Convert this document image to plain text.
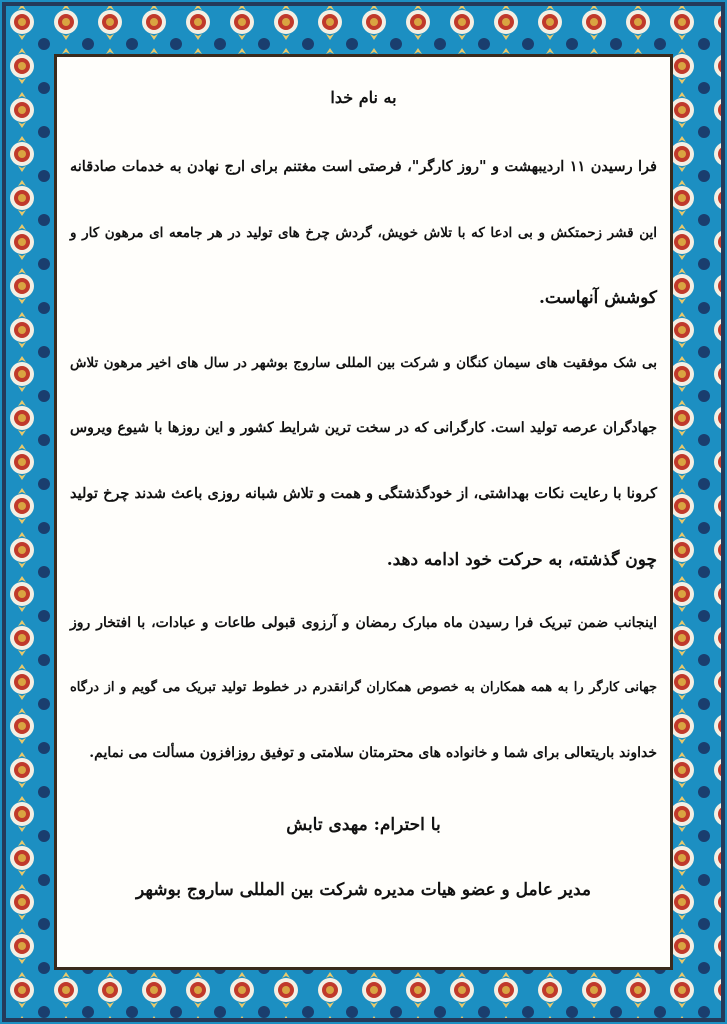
به نام خدا
فرا رسیدن ۱۱ اردیبهشت و "روز کارگر"، فرصتی است مغتنم برای ارج نهادن به خدمات صادقانه
این قشر زحمتکش و بی ادعا که با تلاش خویش، گردش چرخ های تولید در هر جامعه ای مرهون کار و
کوشش آنهاست.
بی شک موفقیت های سیمان کنگان و شرکت بین المللی ساروج بوشهر در سال های اخیر مرهون تلاش
جهادگران عرصه تولید است. کارگرانی که در سخت ترین شرایط کشور و این روزها با شیوع ویروس
کرونا با رعایت نکات بهداشتی، از خودگذشتگی و همت و تلاش شبانه روزی باعث شدند چرخ تولید
چون گذشته، به حرکت خود ادامه دهد.
اینجانب ضمن تبریک فرا رسیدن ماه مبارک رمضان و آرزوی قبولی طاعات و عبادات، با افتخار روز
جهانی کارگر را به همه همکاران به خصوص همکاران گرانقدرم در خطوط تولید تبریک می گویم و از درگاه
خداوند باریتعالی برای شما و خانواده های محترمتان سلامتی و توفیق روزافزون مسألت می نمایم.
با احترام: مهدی تابش
مدیر عامل و عضو هیات مدیره شرکت بین المللی ساروج بوشهر
